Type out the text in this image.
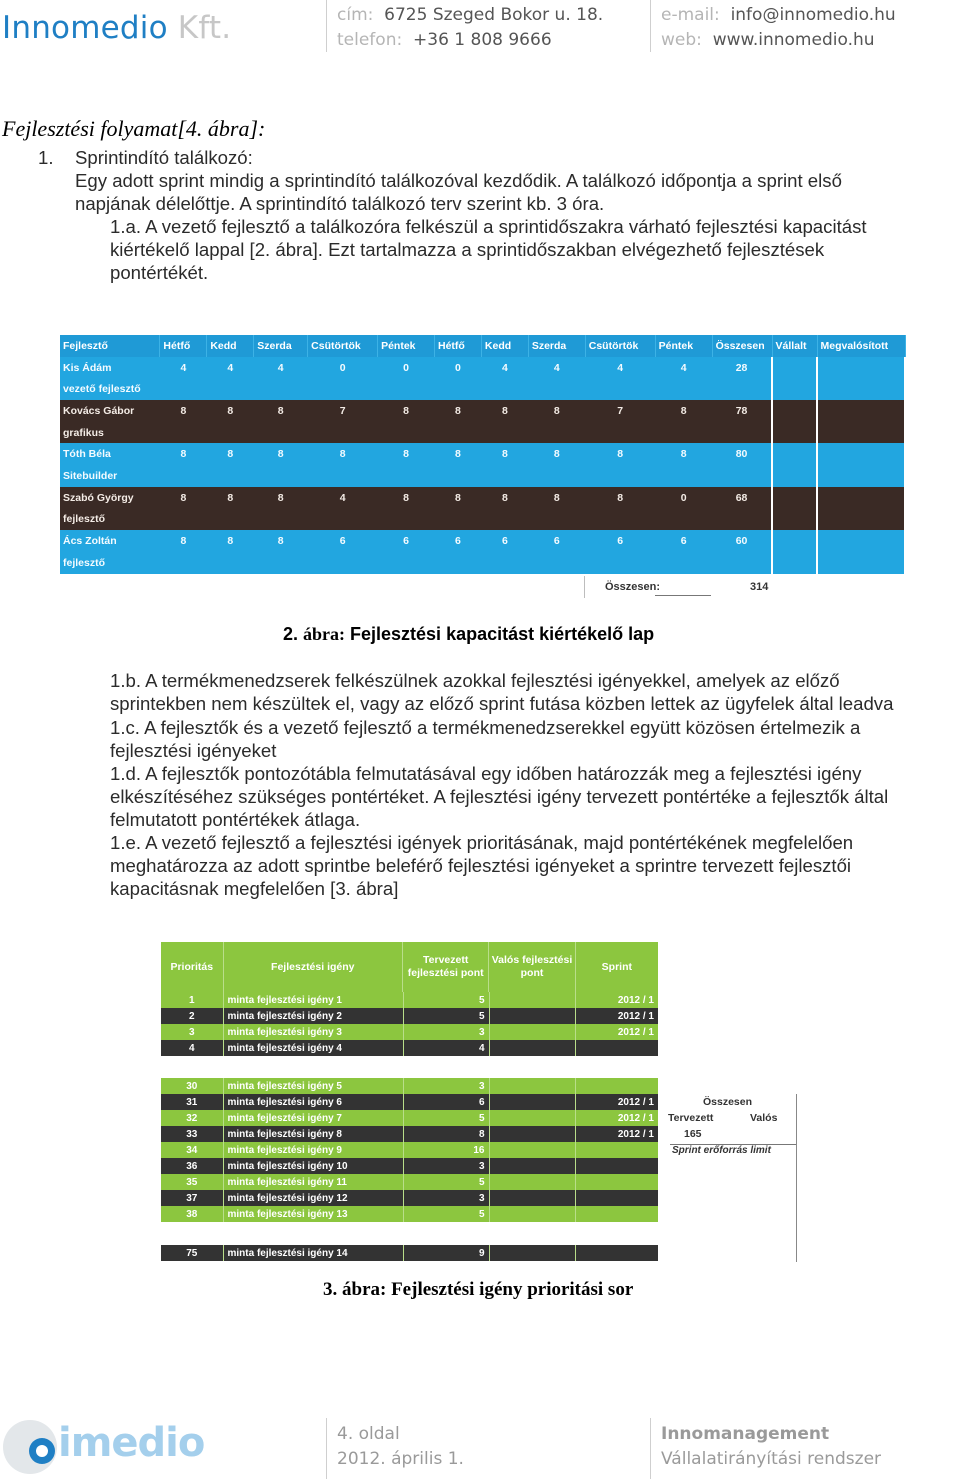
Innomedio Kft.	cím: 6725 Szeged Bokor u. 18.
telefon: +36 1 808 9666
e-mail: info@innomedio.hu
web: www.innomedio.hu
Fejlesztési folyamat[4. ábra]:
1. Sprintindító találkozó:
Egy adott sprint mindig a sprintindító találkozóval kezdődik. A találkozó időpontja a sprint első
napjának délelőttje. A sprintindító találkozó terv szerint kb. 3 óra.
1.a. A vezető fejlesztő a találkozóra felkészül a sprintidőszakra várható fejlesztési kapacitást
kiértékelő lappal [2. ábra]. Ezt tartalmazza a sprintidőszakban elvégezhető fejlesztések
pontértékét.
Fejlesztő	Hétfő	Kedd	Szerda	Csütörtök	Péntek	Hétfő	Kedd	Szerda	Csütörtök	Péntek	Összesen	Vállalt	Megvalósított
Kis Ádám	4	4	4	0	0	0	4	4	4	4	28		
vezető fejlesztő													
Kovács Gábor	8	8	8	7	8	8	8	8	7	8	78		
grafikus													
Tóth Béla	8	8	8	8	8	8	8	8	8	8	80		
Sitebuilder													
Szabó György	8	8	8	4	8	8	8	8	8	0	68		
fejlesztő													
Ács Zoltán	8	8	8	6	6	6	6	6	6	6	60		
fejlesztő													
Összesen:	314
2. ábra: Fejlesztési kapacitást kiértékelő lap
1.b. A termékmenedzserek felkészülnek azokkal fejlesztési igényekkel, amelyek az előző
sprintekben nem készültek el, vagy az előző sprint futása közben lettek az ügyfelek által leadva
1.c. A fejlesztők és a vezető fejlesztő a termékmenedzserekkel együtt közösen értelmezik a
fejlesztési igényeket
1.d. A fejlesztők pontozótábla felmutatásával egy időben határozzák meg a fejlesztési igény
elkészítéséhez szükséges pontértéket. A fejlesztési igény tervezett pontértéke a fejlesztők által
felmutatott pontértékek átlaga.
1.e. A vezető fejlesztő a fejlesztési igények prioritásának, majd pontértékének megfelelően
meghatározza az adott sprintbe beleférő fejlesztési igényeket a sprintre tervezett fejlesztői
kapacitásnak megfelelően [3. ábra]
Prioritás	Fejlesztési igény
Tervezett fejlesztési pont
Valós fejlesztési pont
Sprint
1	minta fejlesztési igény 1	5		2012 / 1
2	minta fejlesztési igény 2	5		2012 / 1
3	minta fejlesztési igény 3	3		2012 / 1
4	minta fejlesztési igény 4	4		
30	minta fejlesztési igény 5	3		
31	minta fejlesztési igény 6	6		2012 / 1
32	minta fejlesztési igény 7	5		2012 / 1
33	minta fejlesztési igény 8	8		2012 / 1
34	minta fejlesztési igény 9	16		
36	minta fejlesztési igény 10	3		
35	minta fejlesztési igény 11	5		
37	minta fejlesztési igény 12	3		
38	minta fejlesztési igény 13	5		
75	minta fejlesztési igény 14	9		
Összesen
Tervezett	Valós
165
Sprint erőforrás limit
3. ábra: Fejlesztési igény prioritási sor
imedio	4. oldal
2012. április 1.
Innomanagement
Vállalatirányítási rendszer
